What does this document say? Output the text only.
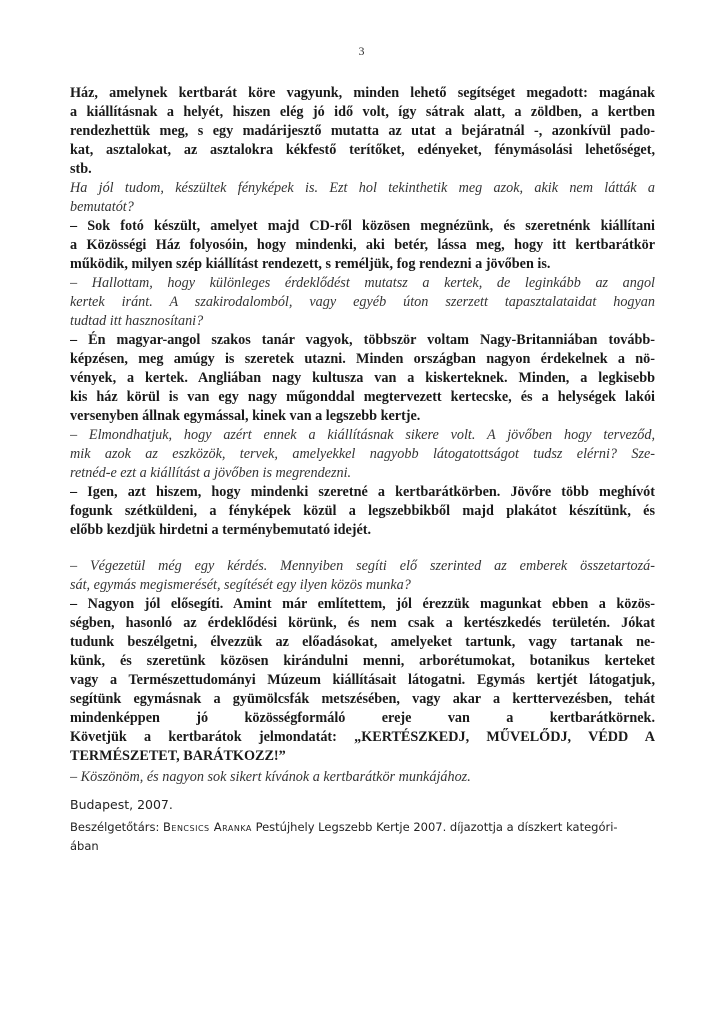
3
Ház, amelynek kertbarát köre vagyunk, minden lehető segítséget megadott: magának
a kiállításnak a helyét, hiszen elég jó idő volt, így sátrak alatt, a zöldben, a kertben
rendezhettük meg, s egy madárijesztő mutatta az utat a bejáratnál -, azonkívül pado-
kat, asztalokat, az asztalokra kékfestő terítőket, edényeket, fénymásolási lehetőséget,
stb.
Ha jól tudom, készültek fényképek is. Ezt hol tekinthetik meg azok, akik nem látták a
bemutatót?
– Sok fotó készült, amelyet majd CD-ről közösen megnézünk, és szeretnénk kiállítani
a Közösségi Ház folyosóin, hogy mindenki, aki betér, lássa meg, hogy itt kertbarátkör
működik, milyen szép kiállítást rendezett, s reméljük, fog rendezni a jövőben is.
– Hallottam, hogy különleges érdeklődést mutatsz a kertek, de leginkább az angol
kertek iránt. A szakirodalomból, vagy egyéb úton szerzett tapasztalataidat hogyan
tudtad itt hasznosítani?
– Én magyar-angol szakos tanár vagyok, többször voltam Nagy-Britanniában tovább-
képzésen, meg amúgy is szeretek utazni. Minden országban nagyon érdekelnek a nö-
vények, a kertek. Angliában nagy kultusza van a kiskerteknek. Minden, a legkisebb
kis ház körül is van egy nagy műgonddal megtervezett kertecske, és a helységek lakói
versenyben állnak egymással, kinek van a legszebb kertje.
– Elmondhatjuk, hogy azért ennek a kiállításnak sikere volt. A jövőben hogy terveződ,
mik azok az eszközök, tervek, amelyekkel nagyobb látogatottságot tudsz elérni? Sze-
retnéd-e ezt a kiállítást a jövőben is megrendezni.
– Igen, azt hiszem, hogy mindenki szeretné a kertbarátkörben. Jövőre több meghívót
fogunk szétküldeni, a fényképek közül a legszebbikből majd plakátot készítünk, és
előbb kezdjük hirdetni a terménybemutató idejét.
– Végezetül még egy kérdés. Mennyiben segíti elő szerinted az emberek összetartozá-
sát, egymás megismerését, segítését egy ilyen közös munka?
– Nagyon jól elősegíti. Amint már említettem, jól érezzük magunkat ebben a közös-
ségben, hasonló az érdeklődési körünk, és nem csak a kertészkedés területén. Jókat
tudunk beszélgetni, élvezzük az előadásokat, amelyeket tartunk, vagy tartanak ne-
künk, és szeretünk közösen kirándulni menni, arborétumokat, botanikus kerteket
vagy a Természettudományi Múzeum kiállításait látogatni. Egymás kertjét látogatjuk,
segítünk egymásnak a gyümölcsfák metszésében, vagy akar a kerttervezésben, tehát
mindenképpen jó közösségformáló ereje van a kertbarátkörnek.
Követjük a kertbarátok jelmondatát: „KERTÉSZKEDJ, MŰVELŐDJ, VÉDD A
TERMÉSZETET, BARÁTKOZZ!”
– Köszönöm, és nagyon sok sikert kívánok a kertbarátkör munkájához.
Budapest, 2007.
Beszélgetőtárs: Bencsics Aranka Pestújhely Legszebb Kertje 2007. díjazottja a díszkert kategóri-
ában
